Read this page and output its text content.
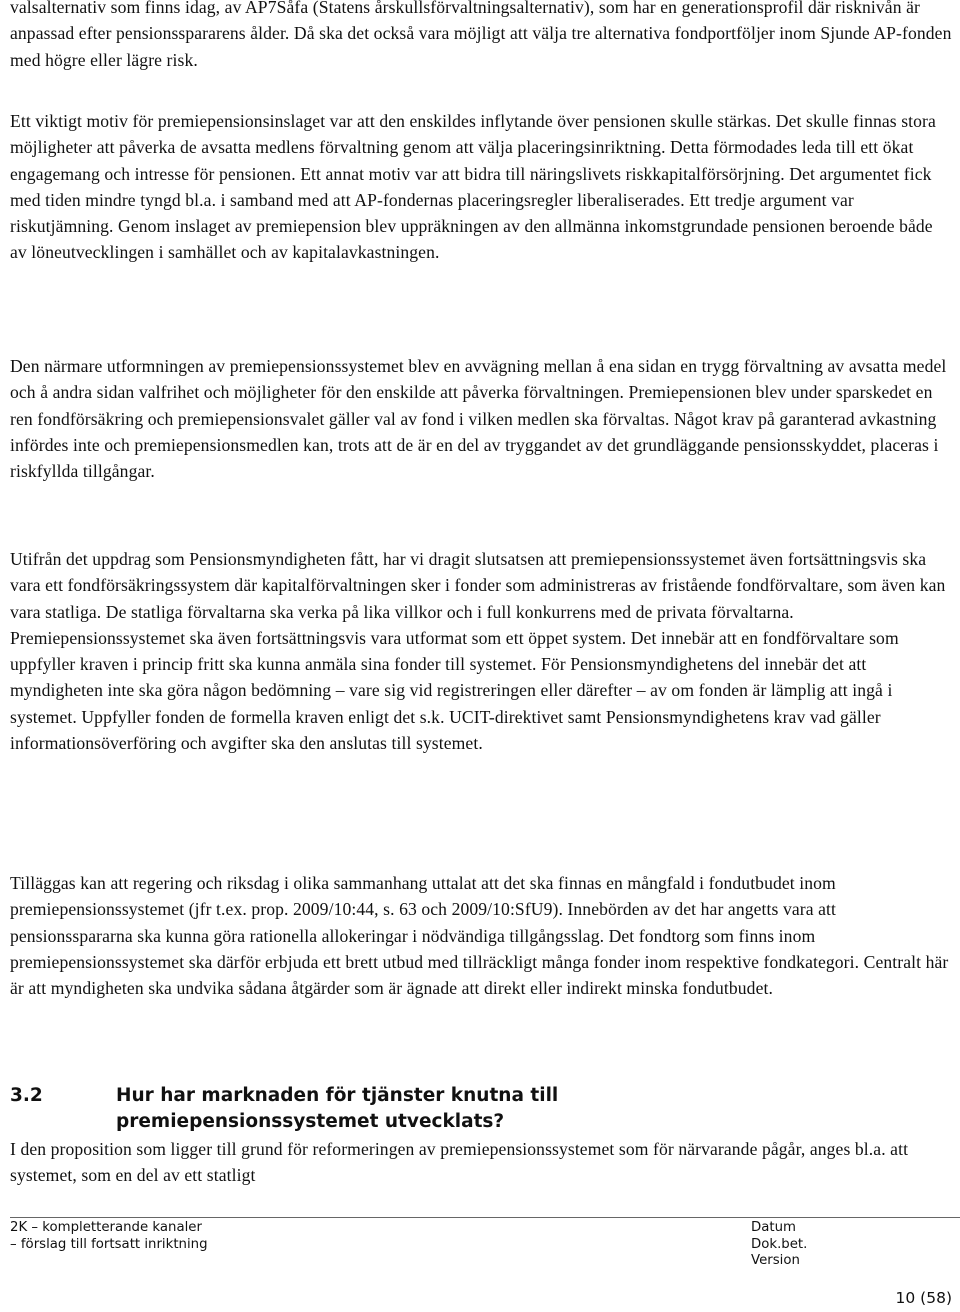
valsalternativ som finns idag, av AP7Såfa (Statens årskullsförvaltningsalternativ), som har en generationsprofil där risknivån är anpassad efter pensionsspararens ålder. Då ska det också vara möjligt att välja tre alternativa fondportföljer inom Sjunde AP-fonden med högre eller lägre risk.

Ett viktigt motiv för premiepensionsinslaget var att den enskildes inflytande över pensionen skulle stärkas. Det skulle finnas stora möjligheter att påverka de avsatta medlens förvaltning genom att välja placeringsinriktning. Detta förmodades leda till ett ökat engagemang och intresse för pensionen. Ett annat motiv var att bidra till näringslivets riskkapitalförsörjning. Det argumentet fick med tiden mindre tyngd bl.a. i samband med att AP-fondernas placeringsregler liberaliserades. Ett tredje argument var riskutjämning. Genom inslaget av premiepension blev uppräkningen av den allmänna inkomstgrundade pensionen beroende både av löneutvecklingen i samhället och av kapitalavkastningen.

Den närmare utformningen av premiepensionssystemet blev en avvägning mellan å ena sidan en trygg förvaltning av avsatta medel och å andra sidan valfrihet och möjligheter för den enskilde att påverka förvaltningen. Premiepensionen blev under sparskedet en ren fondförsäkring och premiepensionsvalet gäller val av fond i vilken medlen ska förvaltas. Något krav på garanterad avkastning infördes inte och premiepensionsmedlen kan, trots att de är en del av tryggandet av det grundläggande pensionsskyddet, placeras i riskfyllda tillgångar.

Utifrån det uppdrag som Pensionsmyndigheten fått, har vi dragit slutsatsen att premiepensionssystemet även fortsättningsvis ska vara ett fondförsäkringssystem där kapitalförvaltningen sker i fonder som administreras av fristående fondförvaltare, som även kan vara statliga. De statliga förvaltarna ska verka på lika villkor och i full konkurrens med de privata förvaltarna. Premiepensionssystemet ska även fortsättningsvis vara utformat som ett öppet system. Det innebär att en fondförvaltare som uppfyller kraven i princip fritt ska kunna anmäla sina fonder till systemet. För Pensionsmyndighetens del innebär det att myndigheten inte ska göra någon bedömning – vare sig vid registreringen eller därefter – av om fonden är lämplig att ingå i systemet. Uppfyller fonden de formella kraven enligt det s.k. UCIT-direktivet samt Pensionsmyndighetens krav vad gäller informationsöverföring och avgifter ska den anslutas till systemet.

Tilläggas kan att regering och riksdag i olika sammanhang uttalat att det ska finnas en mångfald i fondutbudet inom premiepensionssystemet (jfr t.ex. prop. 2009/10:44, s. 63 och 2009/10:SfU9). Innebörden av det har angetts vara att pensionsspararna ska kunna göra rationella allokeringar i nödvändiga tillgångsslag. Det fondtorg som finns inom premiepensionssystemet ska därför erbjuda ett brett utbud med tillräckligt många fonder inom respektive fondkategori. Centralt här är att myndigheten ska undvika sådana åtgärder som är ägnade att direkt eller indirekt minska fondutbudet.

3.2	Hur har marknaden för tjänster knutna till premiepensionssystemet utvecklats?

I den proposition som ligger till grund för reformeringen av premiepensionssystemet som för närvarande pågår, anges bl.a. att systemet, som en del av ett statligt

2K – kompletterande kanaler
– förslag till fortsatt inriktning
Datum
Dok.bet.
Version
10 (58)
